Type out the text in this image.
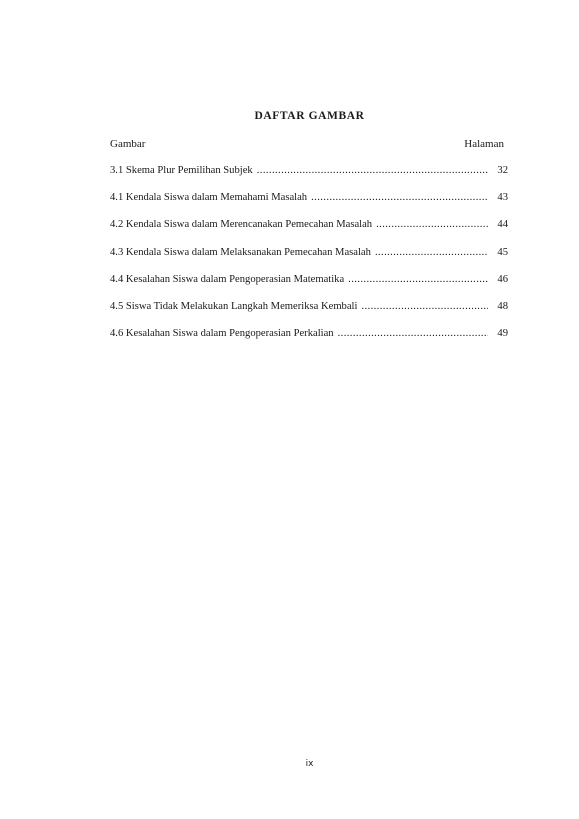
DAFTAR GAMBAR
Gambar	Halaman
3.1 Skema Plur Pemilihan Subjek .....	32
4.1 Kendala Siswa dalam Memahami Masalah .....	43
4.2 Kendala Siswa dalam Merencanakan Pemecahan Masalah .....	44
4.3 Kendala Siswa dalam Melaksanakan Pemecahan Masalah .....	45
4.4 Kesalahan Siswa dalam Pengoperasian Matematika .....	46
4.5 Siswa Tidak Melakukan Langkah Memeriksa Kembali .....	48
4.6 Kesalahan Siswa dalam Pengoperasian Perkalian .....	49
ix
